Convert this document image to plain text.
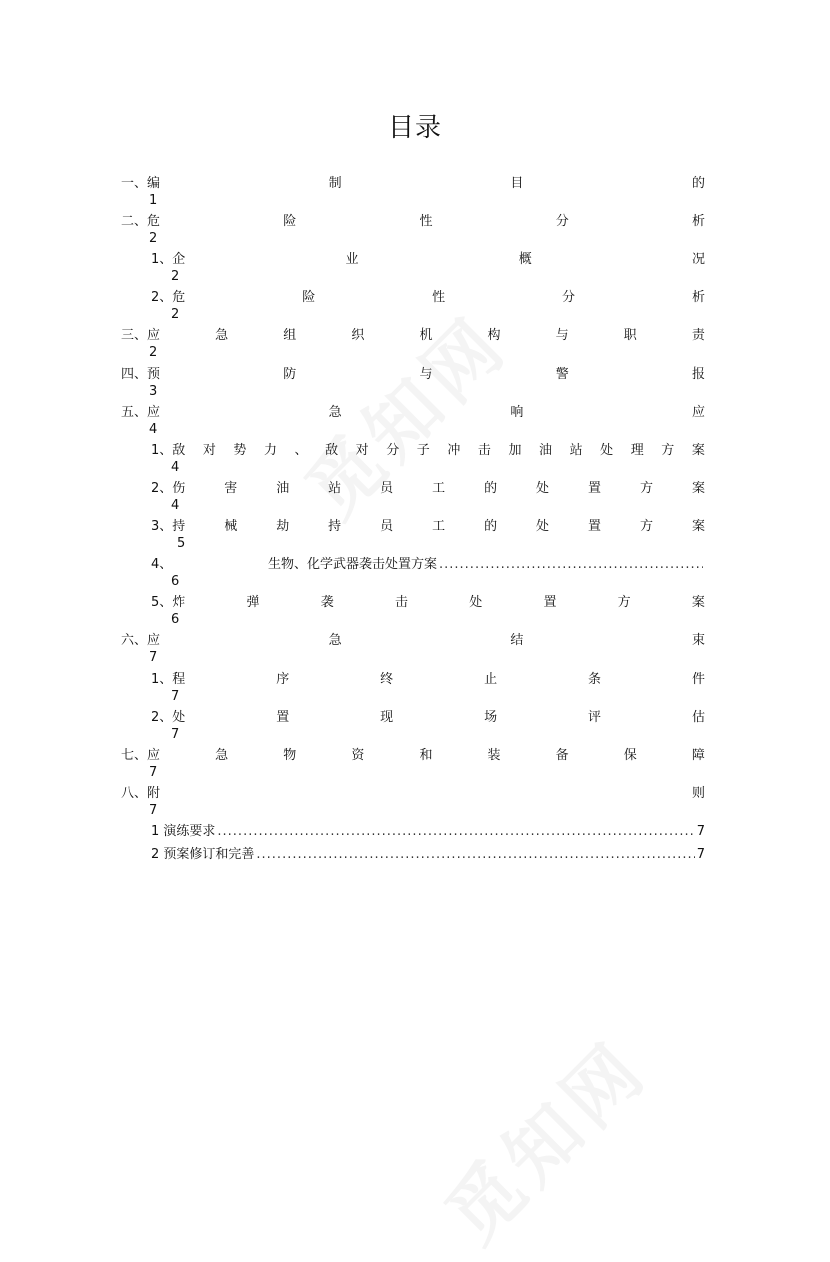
目录
一、编	制	目	的
1
二、危	险	性	分	析
2
1、企	业	概	况
2
2、危	险	性	分	析
2
三、应	急	组	织	机	构	与	职	责
2
四、预	防	与	警	报
3
五、应	急	响	应
4
1、敌 对 势 力 、 敌 对 分 子 冲 击 加 油 站 处 理 方 案
4
2、伤	害	油	站	员	工	的	处	置	方	案
4
3、持	械	劫	持	员	工	的	处	置	方	案
5
4、	生物、化学武器袭击处置方案
.....
6
5、炸	弹	袭	击	处	置	方	案
6
六、应	急	结	束
7
1、程	序	终	止	条	件
7
2、处	置	现	场	评	估
7
七、应	急	物	资	和	装	备	保	障
7
八、附	则
7
1 演练要求 .....	7
2 预案修订和完善 .....	7
